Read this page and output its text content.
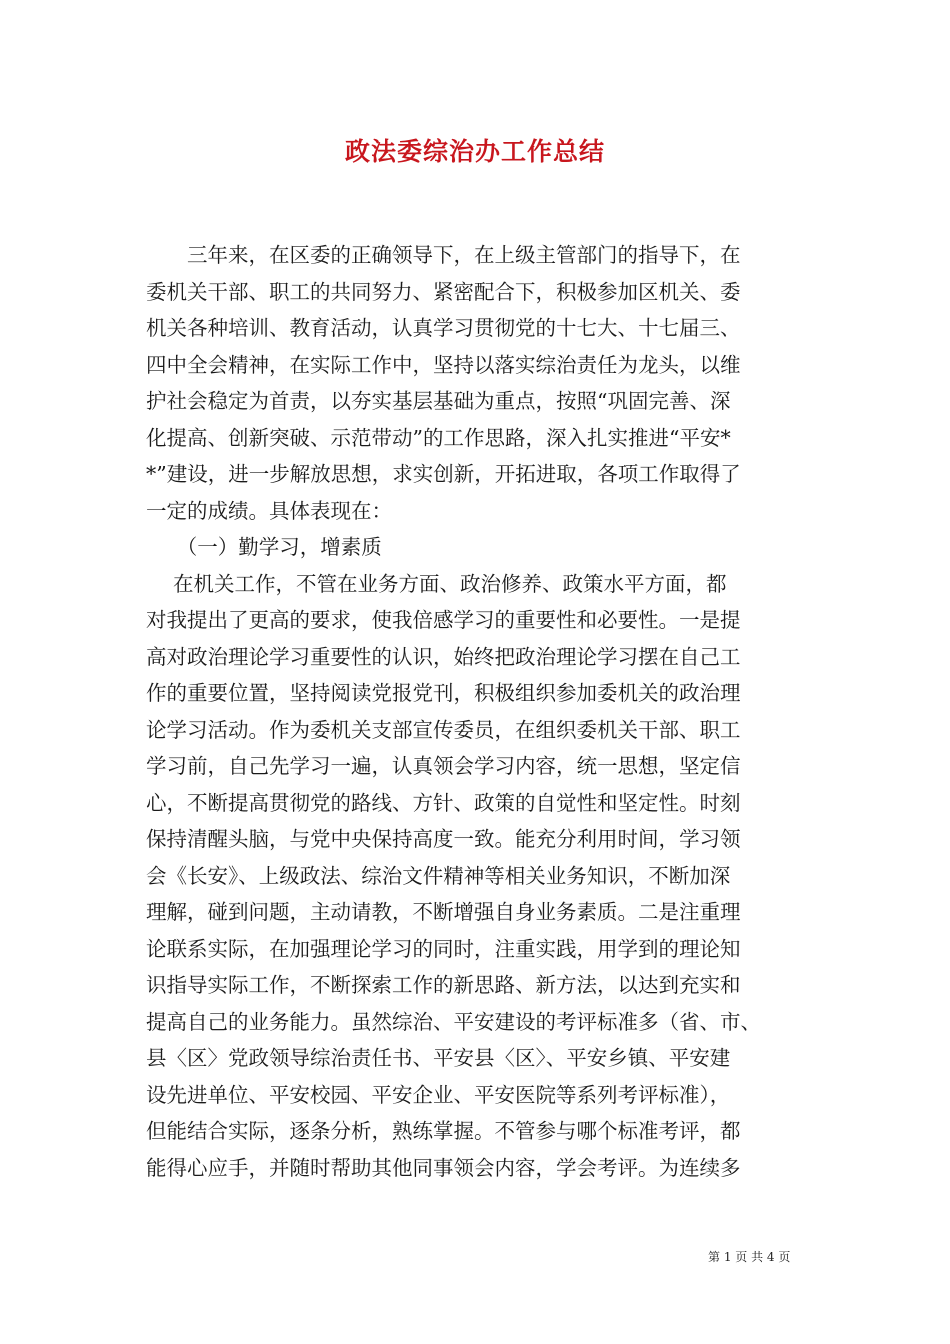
政法委综治办工作总结
　　三年来，在区委的正确领导下，在上级主管部门的指导下，在
委机关干部、职工的共同努力、紧密配合下，积极参加区机关、委
机关各种培训、教育活动，认真学习贯彻党的十七大、十七届三、
四中全会精神，在实际工作中，坚持以落实综治责任为龙头，以维
护社会稳定为首责，以夯实基层基础为重点，按照“巩固完善、深
化提高、创新突破、示范带动”的工作思路，深入扎实推进“平安*
*”建设，进一步解放思想，求实创新，开拓进取，各项工作取得了
一定的成绩。具体表现在：
　　（一）勤学习，增素质
　 在机关工作，不管在业务方面、政治修养、政策水平方面，都
对我提出了更高的要求，使我倍感学习的重要性和必要性。一是提
高对政治理论学习重要性的认识，始终把政治理论学习摆在自己工
作的重要位置，坚持阅读党报党刊，积极组织参加委机关的政治理
论学习活动。作为委机关支部宣传委员，在组织委机关干部、职工
学习前，自己先学习一遍，认真领会学习内容，统一思想，坚定信
心，不断提高贯彻党的路线、方针、政策的自觉性和坚定性。时刻
保持清醒头脑，与党中央保持高度一致。能充分利用时间，学习领
会《长安》、上级政法、综治文件精神等相关业务知识，不断加深
理解，碰到问题，主动请教，不断增强自身业务素质。二是注重理
论联系实际，在加强理论学习的同时，注重实践，用学到的理论知
识指导实际工作，不断探索工作的新思路、新方法，以达到充实和
提高自己的业务能力。虽然综治、平安建设的考评标准多（省、市、
县〈区〉党政领导综治责任书、平安县〈区〉、平安乡镇、平安建
设先进单位、平安校园、平安企业、平安医院等系列考评标准），
但能结合实际，逐条分析，熟练掌握。不管参与哪个标准考评，都
能得心应手，并随时帮助其他同事领会内容，学会考评。为连续多
第 1 页 共 4 页
